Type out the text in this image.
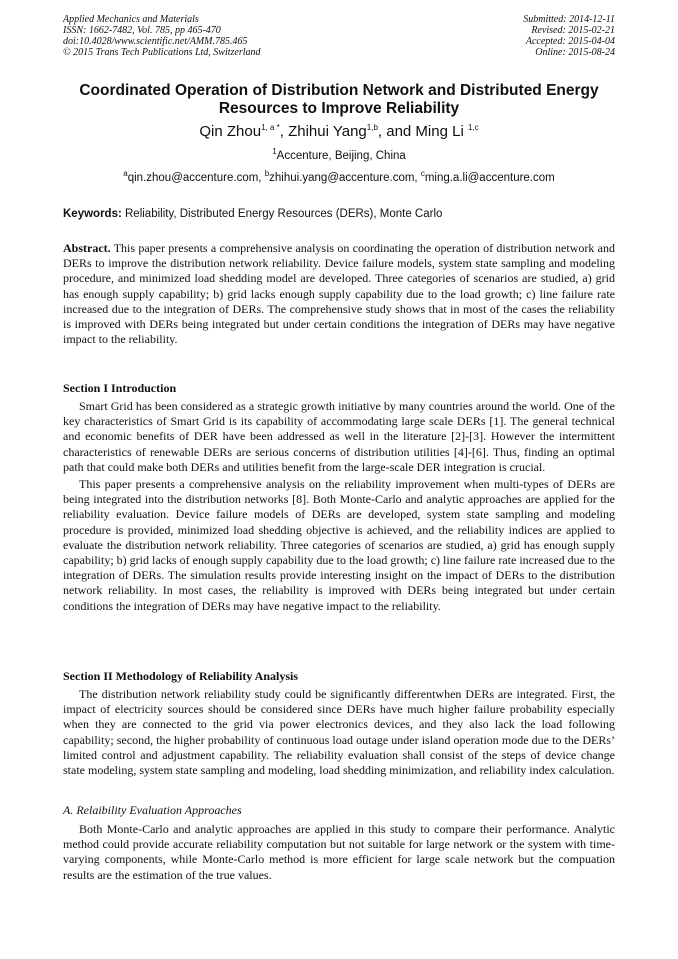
Applied Mechanics and Materials
ISSN: 1662-7482, Vol. 785, pp 465-470
doi:10.4028/www.scientific.net/AMM.785.465
© 2015 Trans Tech Publications Ltd, Switzerland
Submitted: 2014-12-11
Revised: 2015-02-21
Accepted: 2015-04-04
Online: 2015-08-24
Coordinated Operation of Distribution Network and Distributed Energy
Resources to Improve Reliability
Qin Zhou$^{1, a *}$, Zhihui Yang$^{1,b}$, and Ming Li $^{1,c}$
$^1$Accenture, Beijing, China
$^a$qin.zhou@accenture.com, $^b$zhihui.yang@accenture.com, $^c$ming.a.li@accenture.com
Keywords: Reliability, Distributed Energy Resources (DERs), Monte Carlo
Abstract. This paper presents a comprehensive analysis on coordinating the operation of distribution network and DERs to improve the distribution network reliability. Device failure models, system state sampling and modeling procedure, and minimized load shedding model are developed. Three categories of scenarios are studied, a) grid has enough supply capability; b) grid lacks enough supply capability due to the load growth; c) line failure rate increased due to the integration of DERs. The comprehensive study shows that in most of the cases the reliability is improved with DERs being integrated but under certain conditions the integration of DERs may have negative impact to the reliability.
Section I Introduction

Smart Grid has been considered as a strategic growth initiative by many countries around the world. One of the key characteristics of Smart Grid is its capability of accommodating large scale DERs [1]. The general technical and economic benefits of DER have been addressed as well in the literature [2]-[3]. However the intermittent characteristics of renewable DERs are serious concerns of distribution utilities [4]-[6]. Thus, finding an optimal path that could make both DERs and utilities benefit from the large-scale DER integration is crucial.

This paper presents a comprehensive analysis on the reliability improvement when multi-types of DERs are being integrated into the distribution networks [8]. Both Monte-Carlo and analytic approaches are applied for the reliability evaluation. Device failure models of DERs are developed, system state sampling and modeling procedure is provided, minimized load shedding objective is achieved, and the reliability indices are applied to evaluate the distribution network reliability. Three categories of scenarios are studied, a) grid has enough supply capability; b) grid lacks of enough supply capability due to the load growth; c) line failure rate increased due to the integration of DERs. The simulation results provide interesting insight on the impact of DERs to the distribution network reliability. In most cases, the reliability is improved with DERs being integrated but under certain conditions the integration of DERs may have negative impact to the reliability.

Section II Methodology of Reliability Analysis

The distribution network reliability study could be significantly differentwhen DERs are integrated. First, the impact of electricity sources should be considered since DERs have much higher failure probability especially when they are connected to the grid via power electronics devices, and they also lack the load following capability; second, the higher probability of continuous load outage under island operation mode due to the DERs’ limited control and adjustment capability. The reliability evaluation shall consist of the steps of device change state modeling, system state sampling and modeling, load shedding minimization, and reliability index calculation.

A. Relaibility Evaluation Approaches

Both Monte-Carlo and analytic approaches are applied in this study to compare their performance. Analytic method could provide accurate reliability computation but not suitable for large network or the system with time-varying components, while Monte-Carlo method is more efficient for large scale network but the compuation results are the estimation of the true values.
